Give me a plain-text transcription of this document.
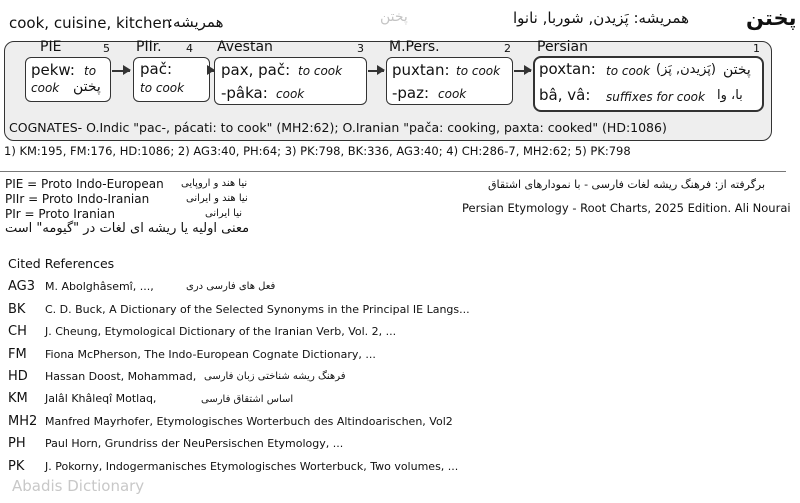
cook, cuisine, kitchen
همریشه:	پختن	همریشه: پَزیدن, شوربا, نانوا	پختن
PIE	5 PIIr. 4 Avestan	3 M.Pers.	2 Persian	1
pekw: to
cook پختن
pač:
to cook
pax, pač: to cook
-pâka: cook
puxtan: to cook
-paz: cook
poxtan: to cook (پَزیدن, پَز) پختن
bâ, vâ: suffixes for cook با، وا
COGNATES- O.Indic "pac-, pácati: to cook" (MH2:62); O.Iranian "pača: cooking, paxta: cooked" (HD:1086)
1) KM:195, FM:176, HD:1086; 2) AG3:40, PH:64; 3) PK:798, BK:336, AG3:40; 4) CH:286-7, MH2:62; 5) PK:798
PIE = Proto Indo-European نیا هند و اروپایی
PIIr = Proto Indo-Iranian	نیا هند و ایرانی
PIr = Proto Iranian	نیا ایرانی
معنی اولیه یا ریشه ای لغات در "گیومه" است
برگرفته از: فرهنگ ریشه لغات فارسی - با نمودارهای اشتقاق
Persian Etymology - Root Charts, 2025 Edition. Ali Nourai
Cited References
AG3 M. Abolghâsemî, ...,	فعل های فارسی دری
BK C. D. Buck, A Dictionary of the Selected Synonyms in the Principal IE Langs...
CH J. Cheung, Etymological Dictionary of the Iranian Verb, Vol. 2, ...
FM Fiona McPherson, The Indo-European Cognate Dictionary, ...
HD Hassan Doost, Mohammad, فرهنگ ریشه شناختی زبان فارسی
KM Jalâl Khâleqî Motlaq,	اساس اشتقاق فارسی
MH2 Manfred Mayrhofer, Etymologisches Worterbuch des Altindoarischen, Vol2
PH Paul Horn, Grundriss der NeuPersischen Etymology, ...
PK J. Pokorny, Indogermanisches Etymologisches Worterbuck, Two volumes, ...
Abadis Dictionary
